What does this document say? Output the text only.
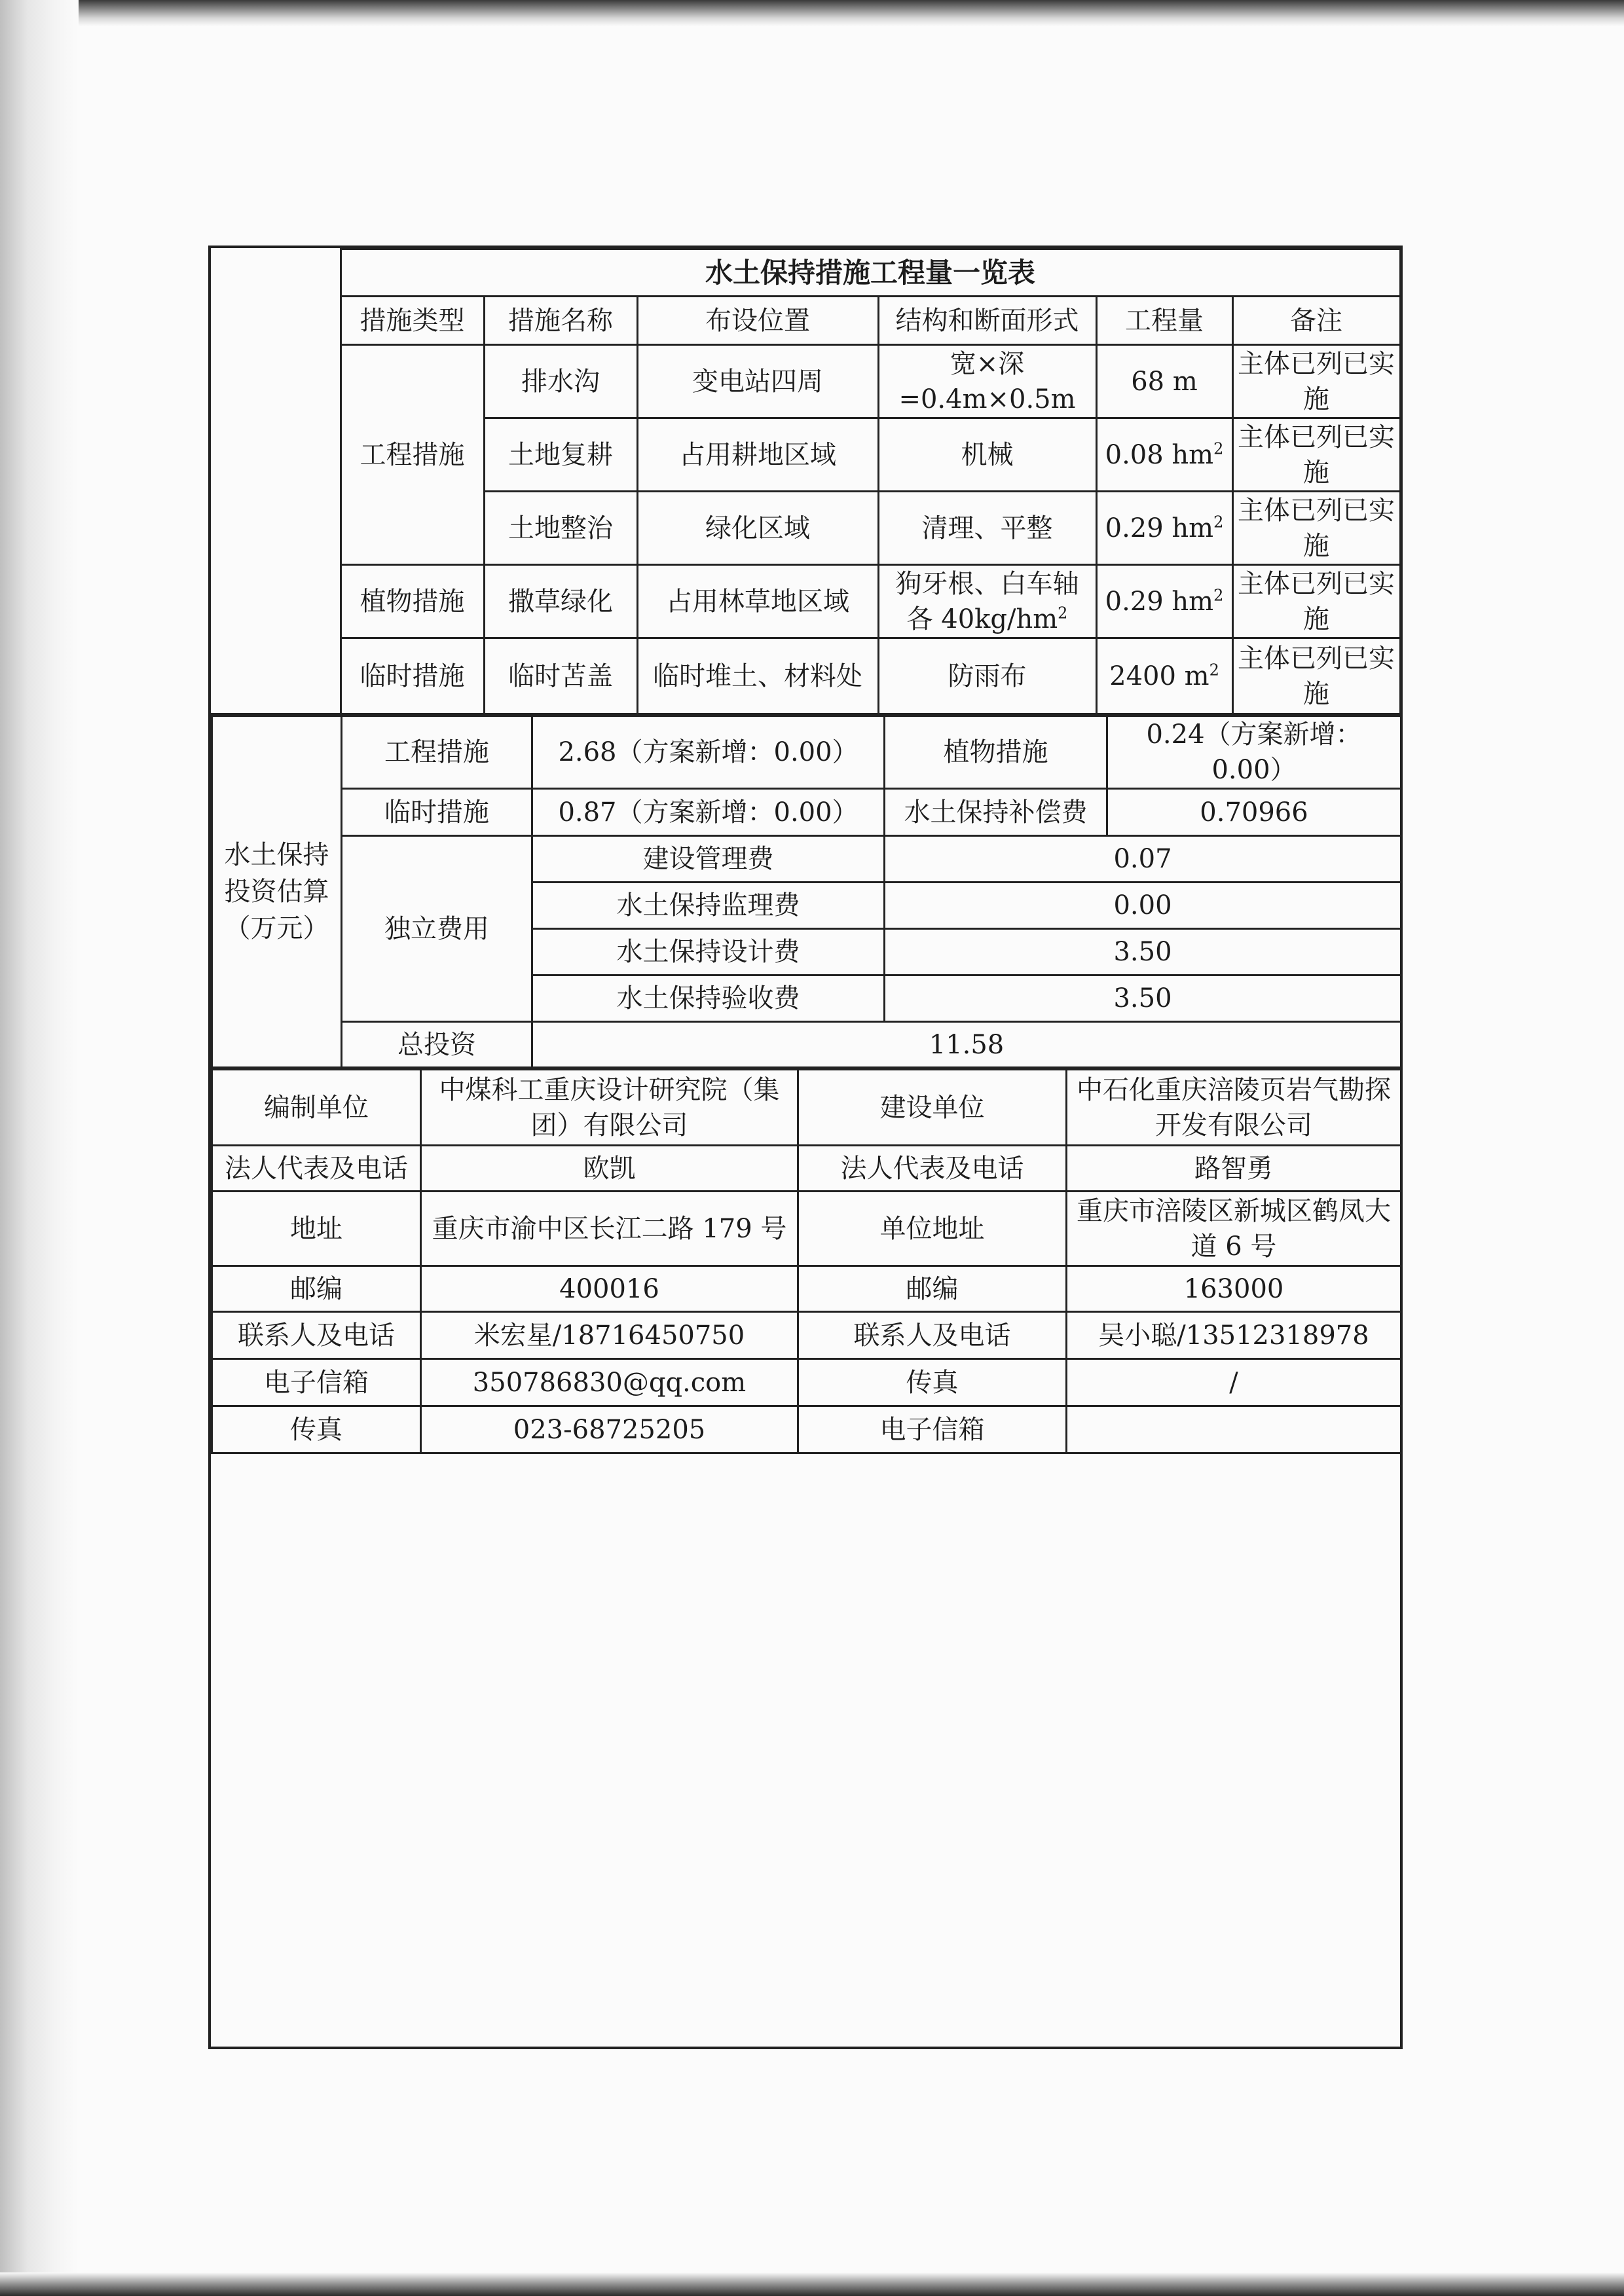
	水土保持措施工程量一览表					
	措施类型	措施名称	布设位置	结构和断面形式	工程量	备注
	工程措施	排水沟	变电站四周	宽×深=0.4m×0.5m	68 m	主体已列已实施
		土地复耕	占用耕地区域	机械	0.08 $hm^2$	主体已列已实施
		土地整治	绿化区域	清理、平整	0.29 $hm^2$	主体已列已实施
	植物措施	撒草绿化	占用林草地区域	狗牙根、白车轴各 $40kg/hm^2$	0.29 $hm^2$	主体已列已实施
	临时措施	临时苫盖	临时堆土、材料处	防雨布	2400 $m^2$	主体已列已实施
水土保持投资估算（万元）	工程措施	2.68（方案新增：0.00）	植物措施	0.24（方案新增：0.00）
	临时措施	0.87（方案新增：0.00）	水土保持补偿费	0.70966
	独立费用	建设管理费	0.07	
		水土保持监理费	0.00	
		水土保持设计费	3.50	
		水土保持验收费	3.50	
	总投资	11.58		
编制单位	中煤科工重庆设计研究院（集团）有限公司	建设单位	中石化重庆涪陵页岩气勘探开发有限公司
法人代表及电话	欧凯	法人代表及电话	路智勇
地址	重庆市渝中区长江二路 179 号	单位地址	重庆市涪陵区新城区鹤凤大道 6 号
邮编	400016	邮编	163000
联系人及电话	米宏星/18716450750	联系人及电话	吴小聪/13512318978
电子信箱	350786830@qq.com	传真	/
传真	023-68725205	电子信箱	
